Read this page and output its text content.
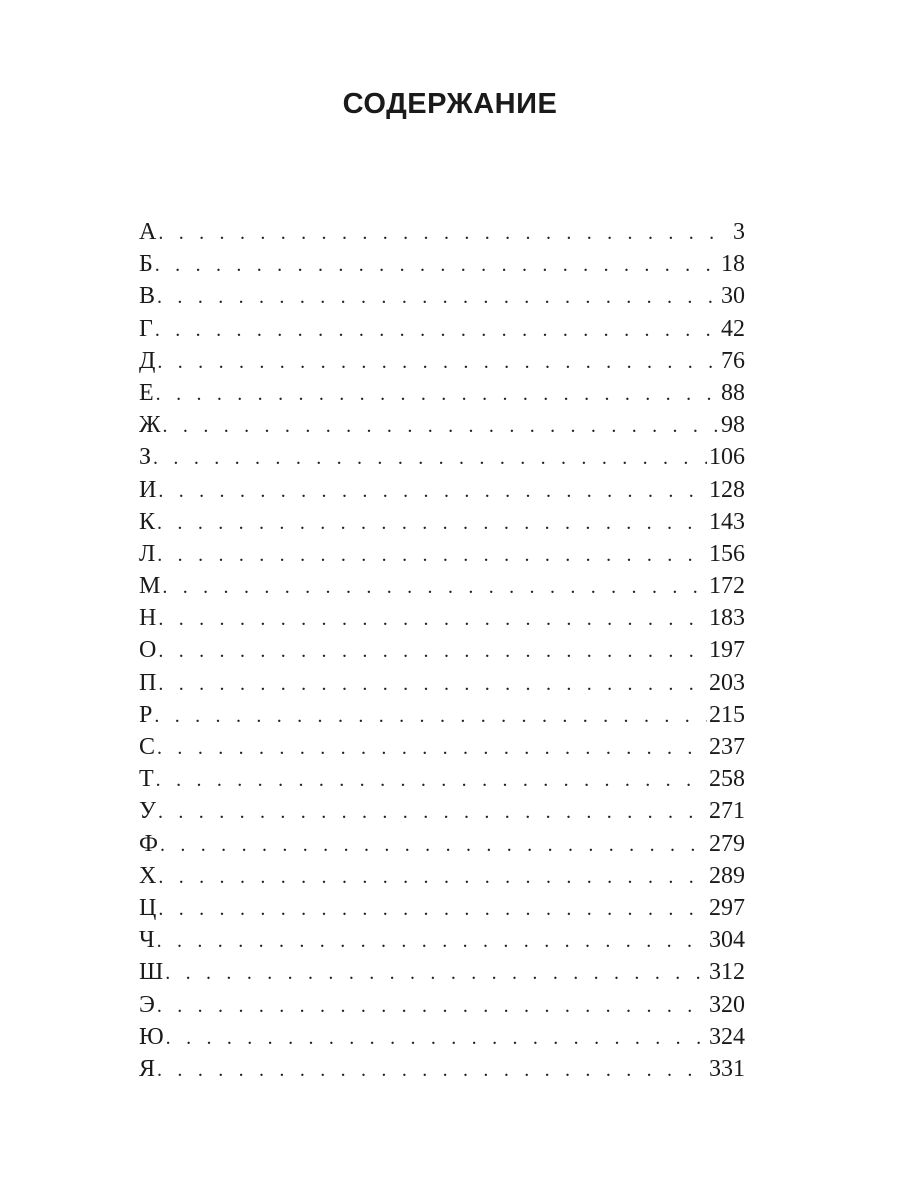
СОДЕРЖАНИЕ
А . . .	3
Б . . .	18
В . . .	30
Г . . .	42
Д . . .	76
Е . . .	88
Ж . . .	98
З . . .	106
И . . .	128
К . . .	143
Л . . .	156
М . . .	172
Н . . .	183
О . . .	197
П . . .	203
Р . . .	215
С . . .	237
Т . . .	258
У . . .	271
Ф . . .	279
Х . . .	289
Ц . . .	297
Ч . . .	304
Ш . . .	312
Э . . .	320
Ю . . .	324
Я . . .	331
